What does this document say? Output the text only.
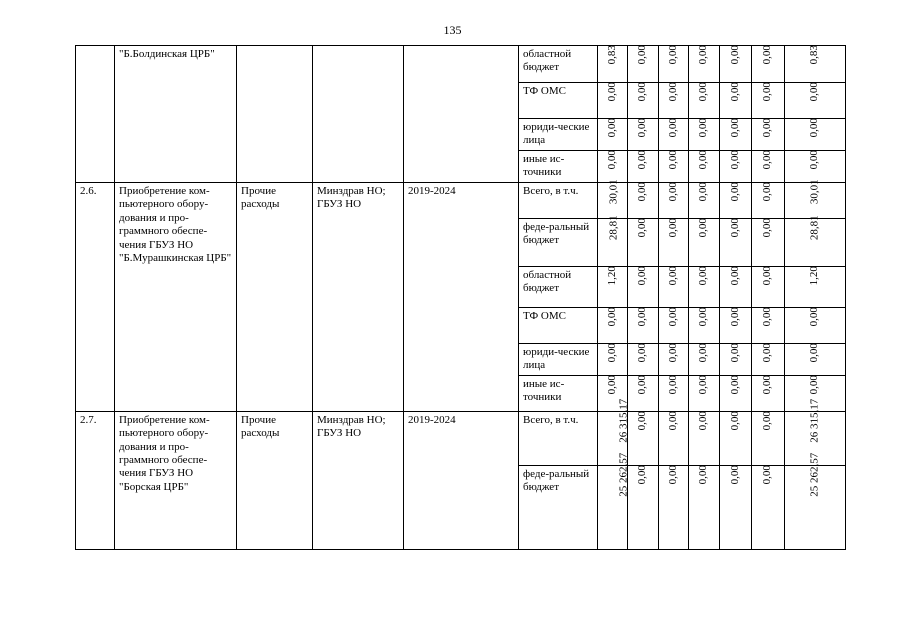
135
	"Б.Болдинская ЦРБ"				областной бюджет	0,83	0,00	0,00	0,00	0,00	0,00	0,83
					ТФ ОМС	0,00	0,00	0,00	0,00	0,00	0,00	0,00
					юриди-ческие лица	0,00	0,00	0,00	0,00	0,00	0,00	0,00
					иные ис-точники	0,00	0,00	0,00	0,00	0,00	0,00	0,00
2.6.	Приобретение ком-пьютерного обору-дования и про-граммного обеспе-чения ГБУЗ НО "Б.Мурашкинская ЦРБ"	Прочие расходы	Минздрав НО; ГБУЗ НО	2019-2024	Всего, в т.ч.	30,01	0,00	0,00	0,00	0,00	0,00	30,01
					феде-ральный бюджет	28,81	0,00	0,00	0,00	0,00	0,00	28,81
					областной бюджет	1,20	0,00	0,00	0,00	0,00	0,00	1,20
					ТФ ОМС	0,00	0,00	0,00	0,00	0,00	0,00	0,00
					юриди-ческие лица	0,00	0,00	0,00	0,00	0,00	0,00	0,00
					иные ис-точники	0,00	0,00	0,00	0,00	0,00	0,00	0,00
2.7.	Приобретение ком-пьютерного обору-дования и про-граммного обеспе-чения ГБУЗ НО "Борская ЦРБ"	Прочие расходы	Минздрав НО; ГБУЗ НО	2019-2024	Всего, в т.ч.	26 315,17	0,00	0,00	0,00	0,00	0,00	26 315,17
					феде-ральный бюджет	25 262,57	0,00	0,00	0,00	0,00	0,00	25 262,57
